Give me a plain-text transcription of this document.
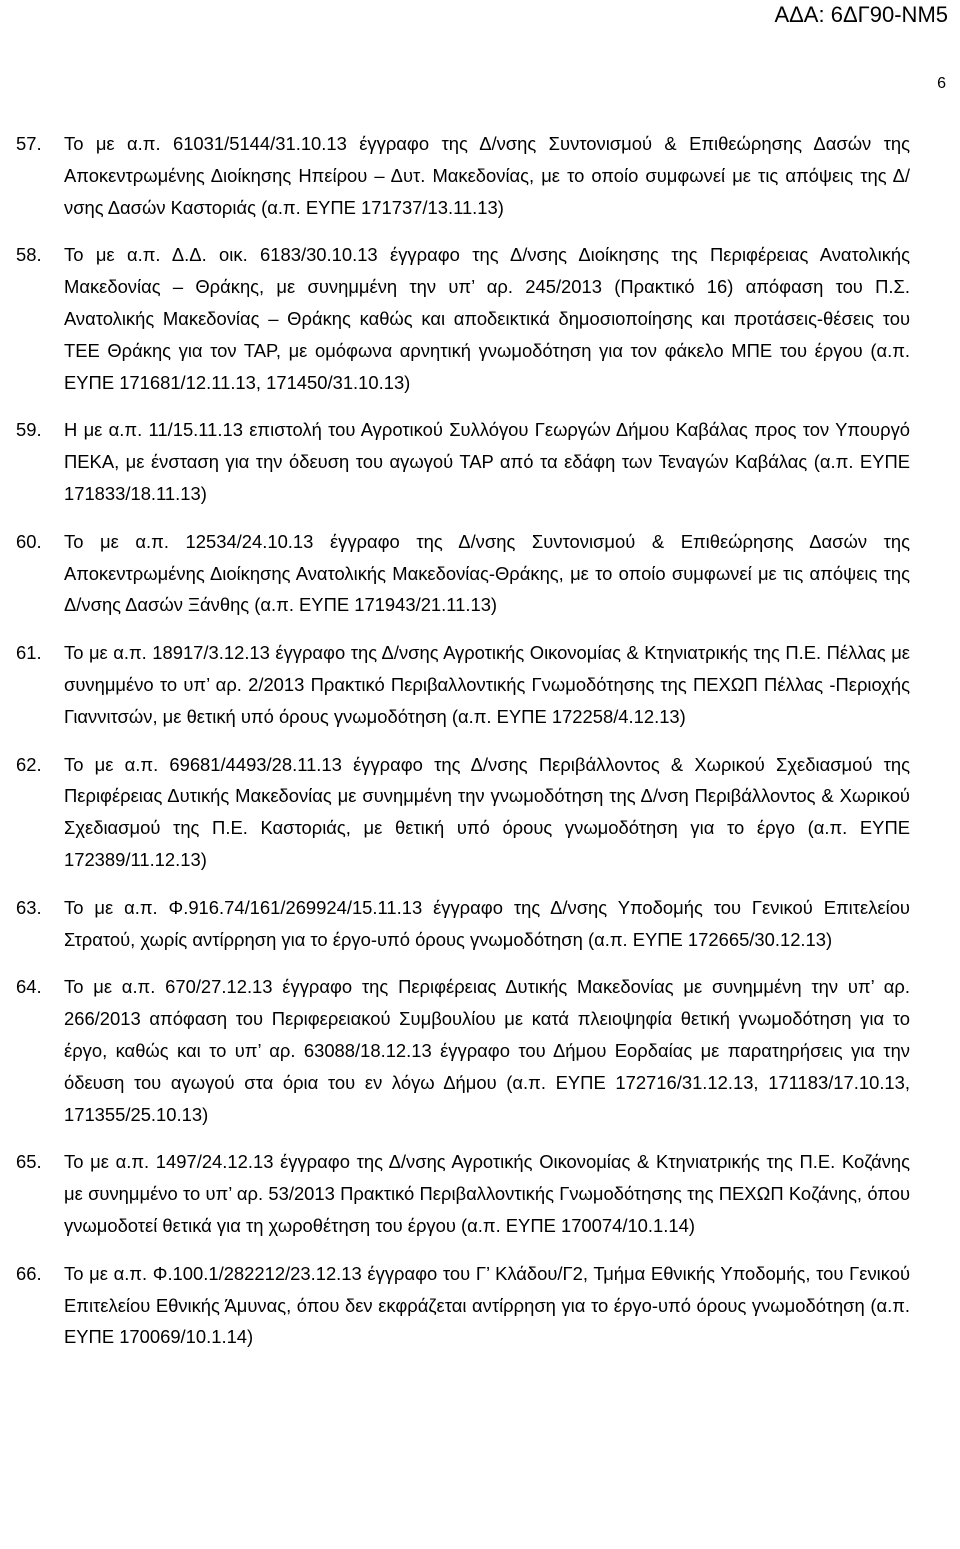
ΑΔΑ: 6ΔΓ90-ΝΜ5
6
57. Το με α.π. 61031/5144/31.10.13 έγγραφο της Δ/νσης Συντονισμού & Επιθεώρησης Δασών της Αποκεντρωμένης Διοίκησης Ηπείρου – Δυτ. Μακεδονίας, με το οποίο συμφωνεί με τις απόψεις της Δ/νσης Δασών Καστοριάς (α.π. ΕΥΠΕ 171737/13.11.13)
58. Το με α.π. Δ.Δ. οικ. 6183/30.10.13 έγγραφο της Δ/νσης Διοίκησης της Περιφέρειας Ανατολικής Μακεδονίας – Θράκης, με συνημμένη την υπ’ αρ. 245/2013 (Πρακτικό 16) απόφαση του Π.Σ. Ανατολικής Μακεδονίας – Θράκης καθώς και αποδεικτικά δημοσιοποίησης και προτάσεις-θέσεις του ΤΕΕ Θράκης για τον ΤΑΡ, με ομόφωνα αρνητική γνωμοδότηση για τον φάκελο ΜΠΕ του έργου (α.π. ΕΥΠΕ 171681/12.11.13, 171450/31.10.13)
59. Η με α.π. 11/15.11.13 επιστολή του Αγροτικού Συλλόγου Γεωργών Δήμου Καβάλας προς τον Υπουργό ΠΕΚΑ, με ένσταση για την όδευση του αγωγού ΤΑΡ από τα εδάφη των Τεναγών Καβάλας (α.π. ΕΥΠΕ 171833/18.11.13)
60. Το με α.π. 12534/24.10.13 έγγραφο της Δ/νσης Συντονισμού & Επιθεώρησης Δασών της Αποκεντρωμένης Διοίκησης Ανατολικής Μακεδονίας-Θράκης, με το οποίο συμφωνεί με τις απόψεις της Δ/νσης Δασών Ξάνθης (α.π. ΕΥΠΕ 171943/21.11.13)
61. Το με α.π. 18917/3.12.13 έγγραφο της Δ/νσης Αγροτικής Οικονομίας & Κτηνιατρικής της Π.Ε. Πέλλας με συνημμένο το υπ’ αρ. 2/2013 Πρακτικό Περιβαλλοντικής Γνωμοδότησης της ΠΕΧΩΠ Πέλλας -Περιοχής Γιαννιτσών, με θετική υπό όρους γνωμοδότηση (α.π. ΕΥΠΕ 172258/4.12.13)
62. Το με α.π. 69681/4493/28.11.13 έγγραφο της Δ/νσης Περιβάλλοντος & Χωρικού Σχεδιασμού της Περιφέρειας Δυτικής Μακεδονίας με συνημμένη την γνωμοδότηση της Δ/νση Περιβάλλοντος & Χωρικού Σχεδιασμού της Π.Ε. Καστοριάς, με θετική υπό όρους γνωμοδότηση για το έργο (α.π. ΕΥΠΕ 172389/11.12.13)
63. Το με α.π. Φ.916.74/161/269924/15.11.13 έγγραφο της Δ/νσης Υποδομής του Γενικού Επιτελείου Στρατού, χωρίς αντίρρηση για το έργο-υπό όρους γνωμοδότηση (α.π. ΕΥΠΕ 172665/30.12.13)
64. Το με α.π. 670/27.12.13 έγγραφο της Περιφέρειας Δυτικής Μακεδονίας με συνημμένη την υπ’ αρ. 266/2013 απόφαση του Περιφερειακού Συμβουλίου με κατά πλειοψηφία θετική γνωμοδότηση για το έργο, καθώς και το υπ’ αρ. 63088/18.12.13 έγγραφο του Δήμου Εορδαίας με παρατηρήσεις για την όδευση του αγωγού στα όρια του εν λόγω Δήμου (α.π. ΕΥΠΕ 172716/31.12.13, 171183/17.10.13, 171355/25.10.13)
65. Το με α.π. 1497/24.12.13 έγγραφο της Δ/νσης Αγροτικής Οικονομίας & Κτηνιατρικής της Π.Ε. Κοζάνης με συνημμένο το υπ’ αρ. 53/2013 Πρακτικό Περιβαλλοντικής Γνωμοδότησης της ΠΕΧΩΠ Κοζάνης, όπου γνωμοδοτεί θετικά για τη χωροθέτηση του έργου (α.π. ΕΥΠΕ 170074/10.1.14)
66. Το με α.π. Φ.100.1/282212/23.12.13 έγγραφο του Γ’ Κλάδου/Γ2, Τμήμα Εθνικής Υποδομής, του Γενικού Επιτελείου Εθνικής Άμυνας, όπου δεν εκφράζεται αντίρρηση για το έργο-υπό όρους γνωμοδότηση (α.π. ΕΥΠΕ 170069/10.1.14)
